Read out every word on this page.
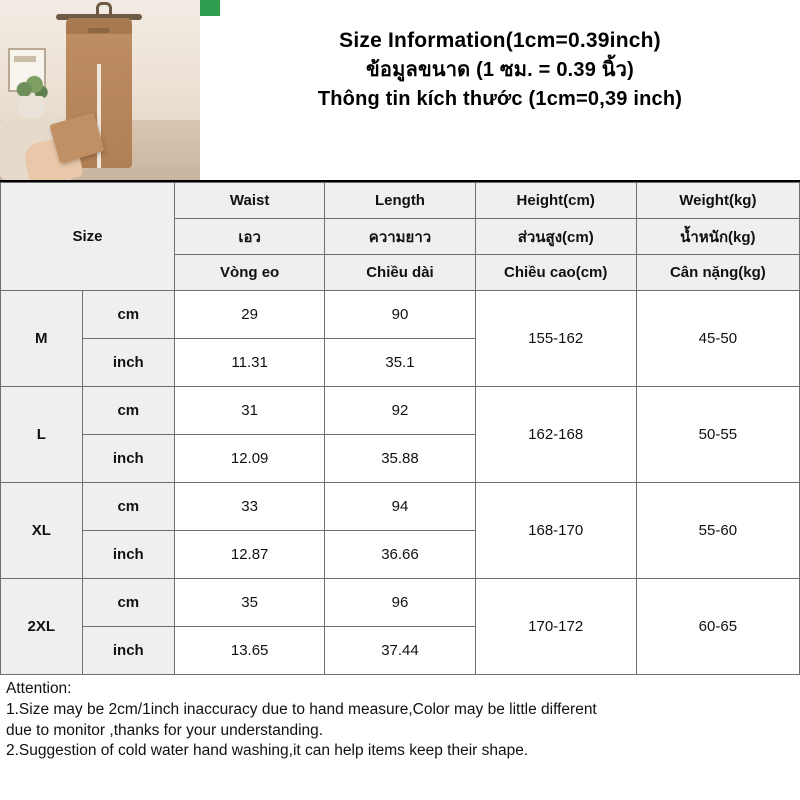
Size Information(1cm=0.39inch)
ข้อมูลขนาด (1 ซม. = 0.39 นิ้ว)
Thông tin kích thước (1cm=0,39 inch)
Size		Waist	Length	Height(cm)	Weight(kg)
		เอว	ความยาว	ส่วนสูง(cm)	น้ำหนัก(kg)
		Vòng eo	Chiều dài	Chiều cao(cm)	Cân nặng(kg)
M	cm	29	90	155-162	45-50
	inch	11.31	35.1		
L	cm	31	92	162-168	50-55
	inch	12.09	35.88		
XL	cm	33	94	168-170	55-60
	inch	12.87	36.66		
2XL	cm	35	96	170-172	60-65
	inch	13.65	37.44		

Attention:

1.Size may be 2cm/1inch inaccuracy due to hand measure,Color may be little different

due to monitor ,thanks for your understanding.

2.Suggestion of cold water hand washing,it can help items keep their shape.
